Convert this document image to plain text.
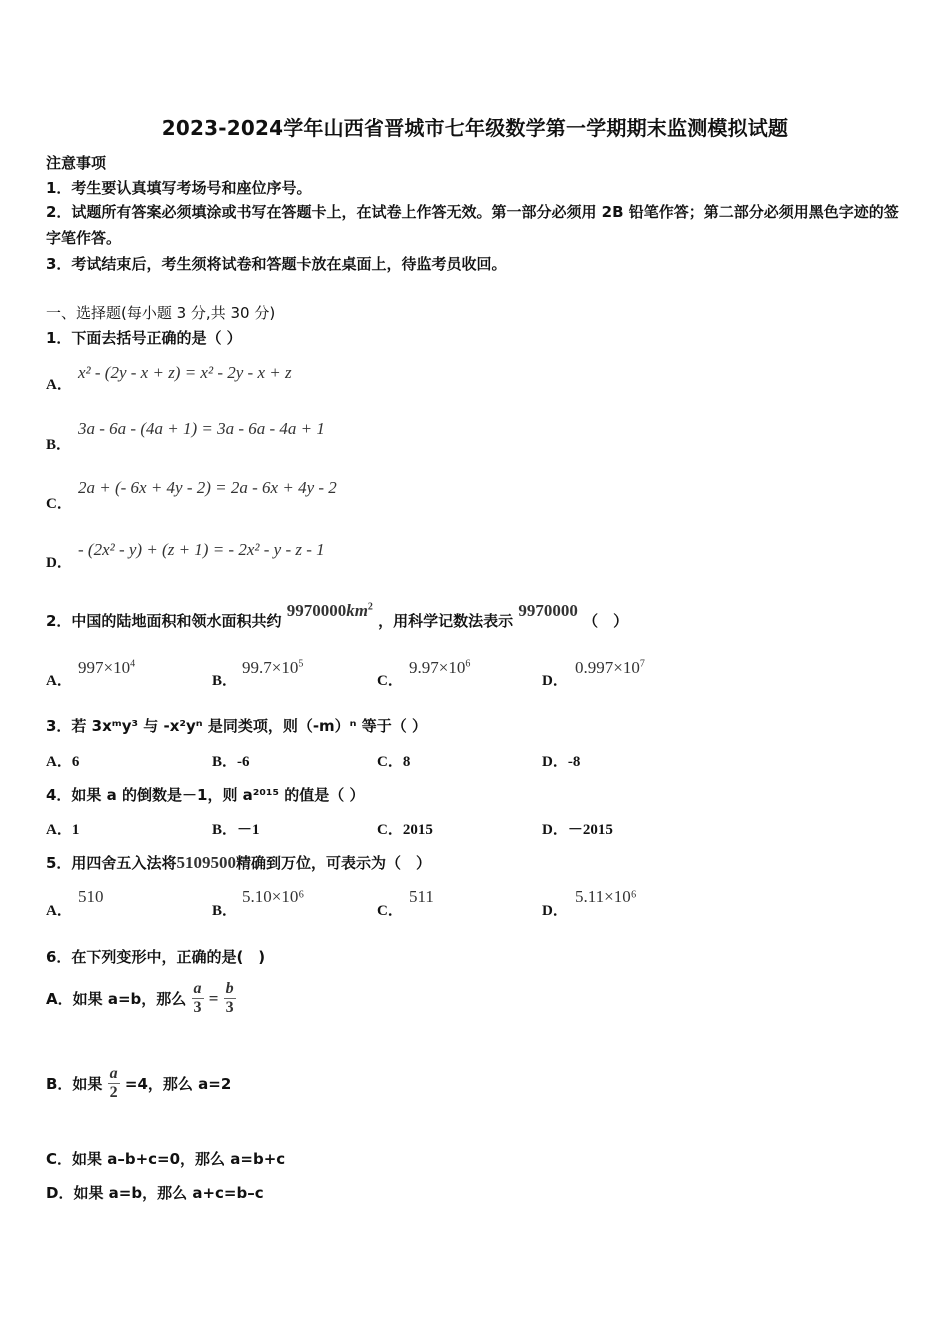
2023-2024学年山西省晋城市七年级数学第一学期期末监测模拟试题
注意事项
1．考生要认真填写考场号和座位序号。
2．试题所有答案必须填涂或书写在答题卡上，在试卷上作答无效。第一部分必须用 2B 铅笔作答；第二部分必须用黑色字迹的签字笔作答。
3．考试结束后，考生须将试卷和答题卡放在桌面上，待监考员收回。
一、选择题(每小题 3 分,共 30 分)
1．下面去括号正确的是（ ）
A．
x² - (2y - x + z) = x² - 2y - x + z
B．
3a - 6a - (4a + 1) = 3a - 6a - 4a + 1
C．
2a + (- 6x + 4y - 2) = 2a - 6x + 4y - 2
D．
- (2x² - y) + (z + 1) = - 2x² - y - z - 1
2．中国的陆地面积和领水面积共约 $9970000km^2$ ，用科学记数法表示 9970000 （　）
A．
$997\times 10^4$
B．
$99.7\times 10^5$
C．
$9.97\times 10^6$
D．
$0.997\times 10^7$
3．若 3xᵐy³ 与 -x²yⁿ 是同类项，则（-m）ⁿ 等于（ ）
A．6	B．-6	C．8	D．-8
4．如果 a 的倒数是－1，则 a²⁰¹⁵ 的值是（ ）
A．1	B．－1	C．2015	D．－2015
5．用四舍五入法将5109500精确到万位，可表示为（　）
A．
510
B．
5.10×10⁶
C．
511
D．
5.11×10⁶
6．在下列变形中，正确的是(　)
A．如果 a=b，那么 $\frac{a}{3} = \frac{b}{3}$
B．如果 $\frac{a}{2} =4$，那么 a=2
C．如果 a–b+c=0，那么 a=b+c
D．如果 a=b，那么 a+c=b–c
